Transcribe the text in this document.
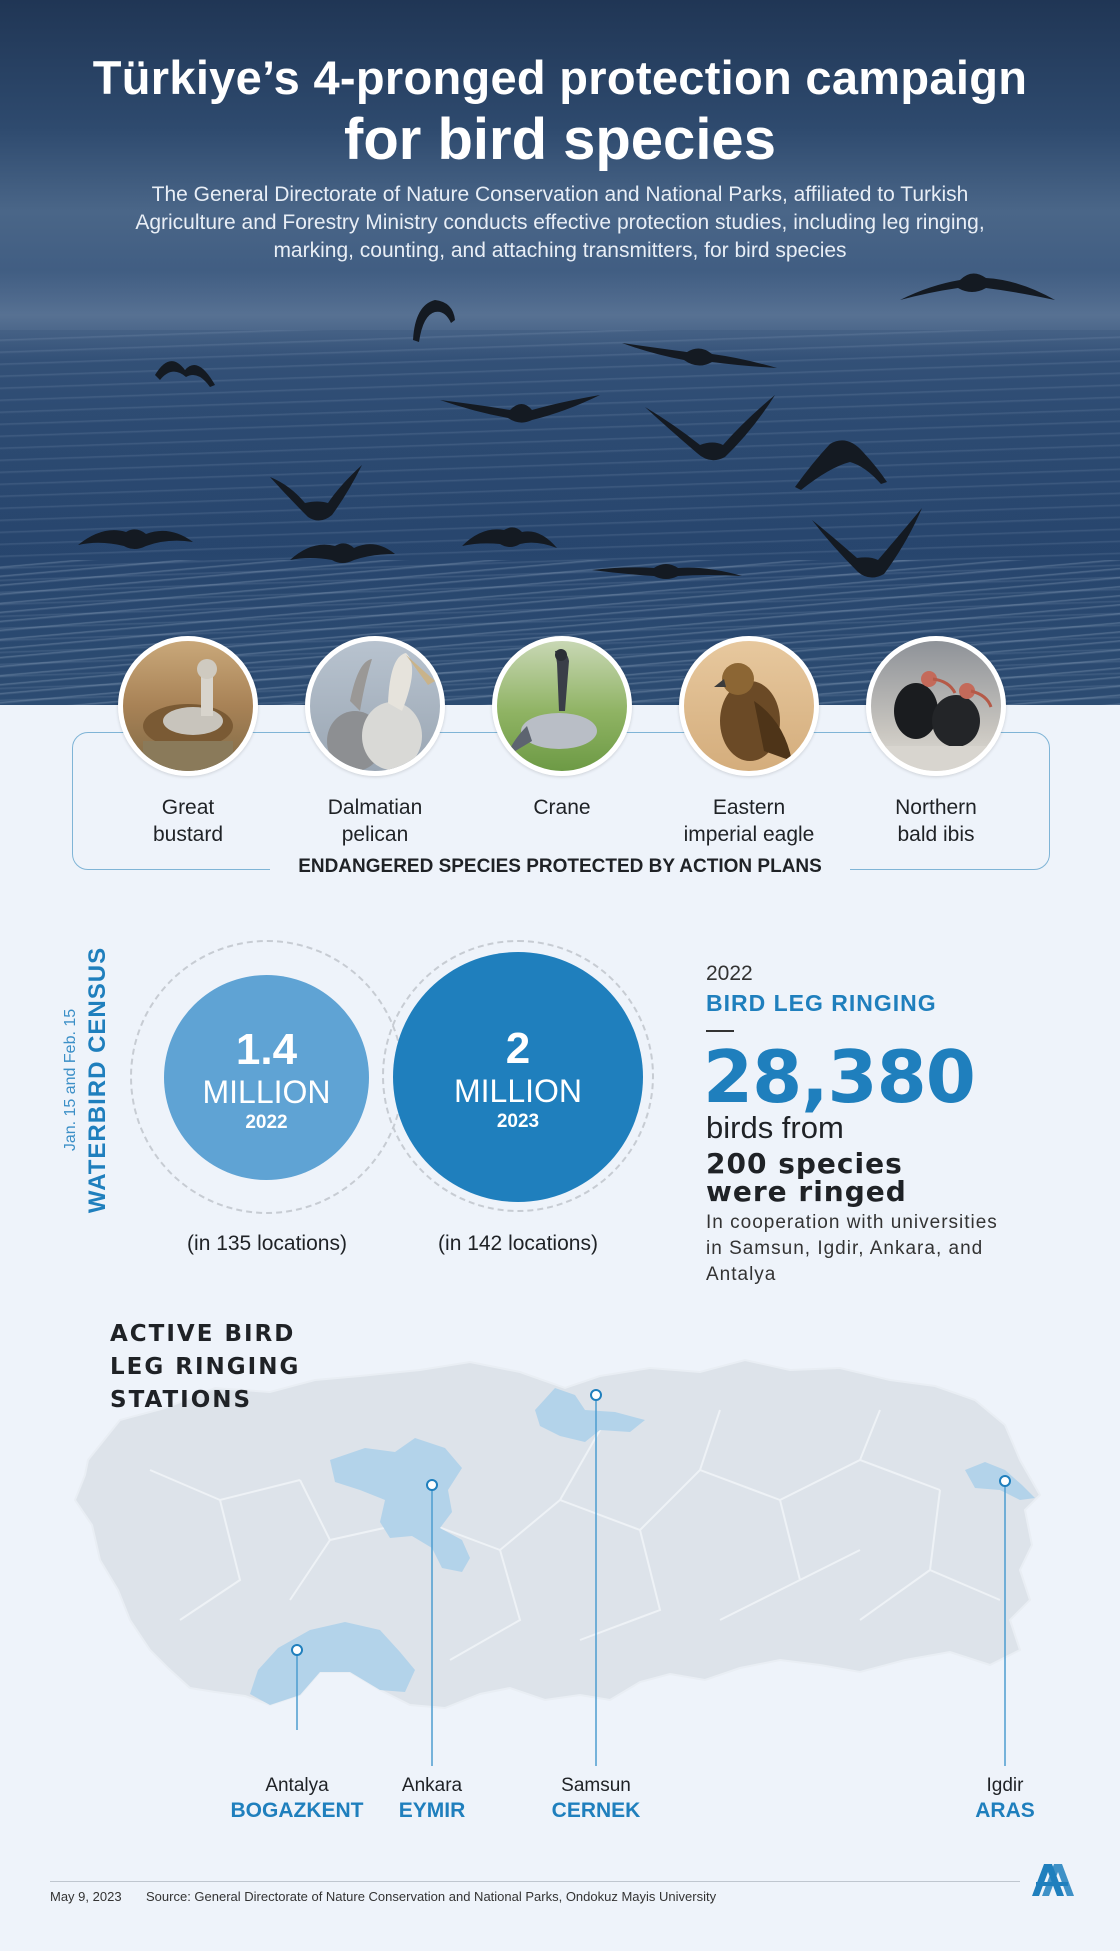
Türkiye’s 4-pronged protection campaign
for bird species
The General Directorate of Nature Conservation and National Parks, affiliated to Turkish Agriculture and Forestry Ministry conducts effective protection studies, including leg ringing, marking, counting, and attaching transmitters, for bird species
ENDANGERED SPECIES PROTECTED BY ACTION PLANS
Great
bustard
Dalmatian
pelican
Crane	Eastern
imperial eagle
Northern
bald ibis
Jan. 15 and Feb. 15 WATERBIRD CENSUS	1.4
MILLION
2022
2
MILLION
2023
(in 135 locations)	(in 142 locations)
2022
BIRD LEG RINGING
28,380
birds from
200 species
were ringed
In cooperation with universities in Samsun, Igdir, Ankara, and Antalya
ACTIVE BIRD
LEG RINGING
STATIONS
Antalya
BOGAZKENT
Ankara
EYMIR
Samsun
CERNEK
Igdir
ARAS
May 9, 2023 Source: General Directorate of Nature Conservation and National Parks, Ondokuz Mayis University
